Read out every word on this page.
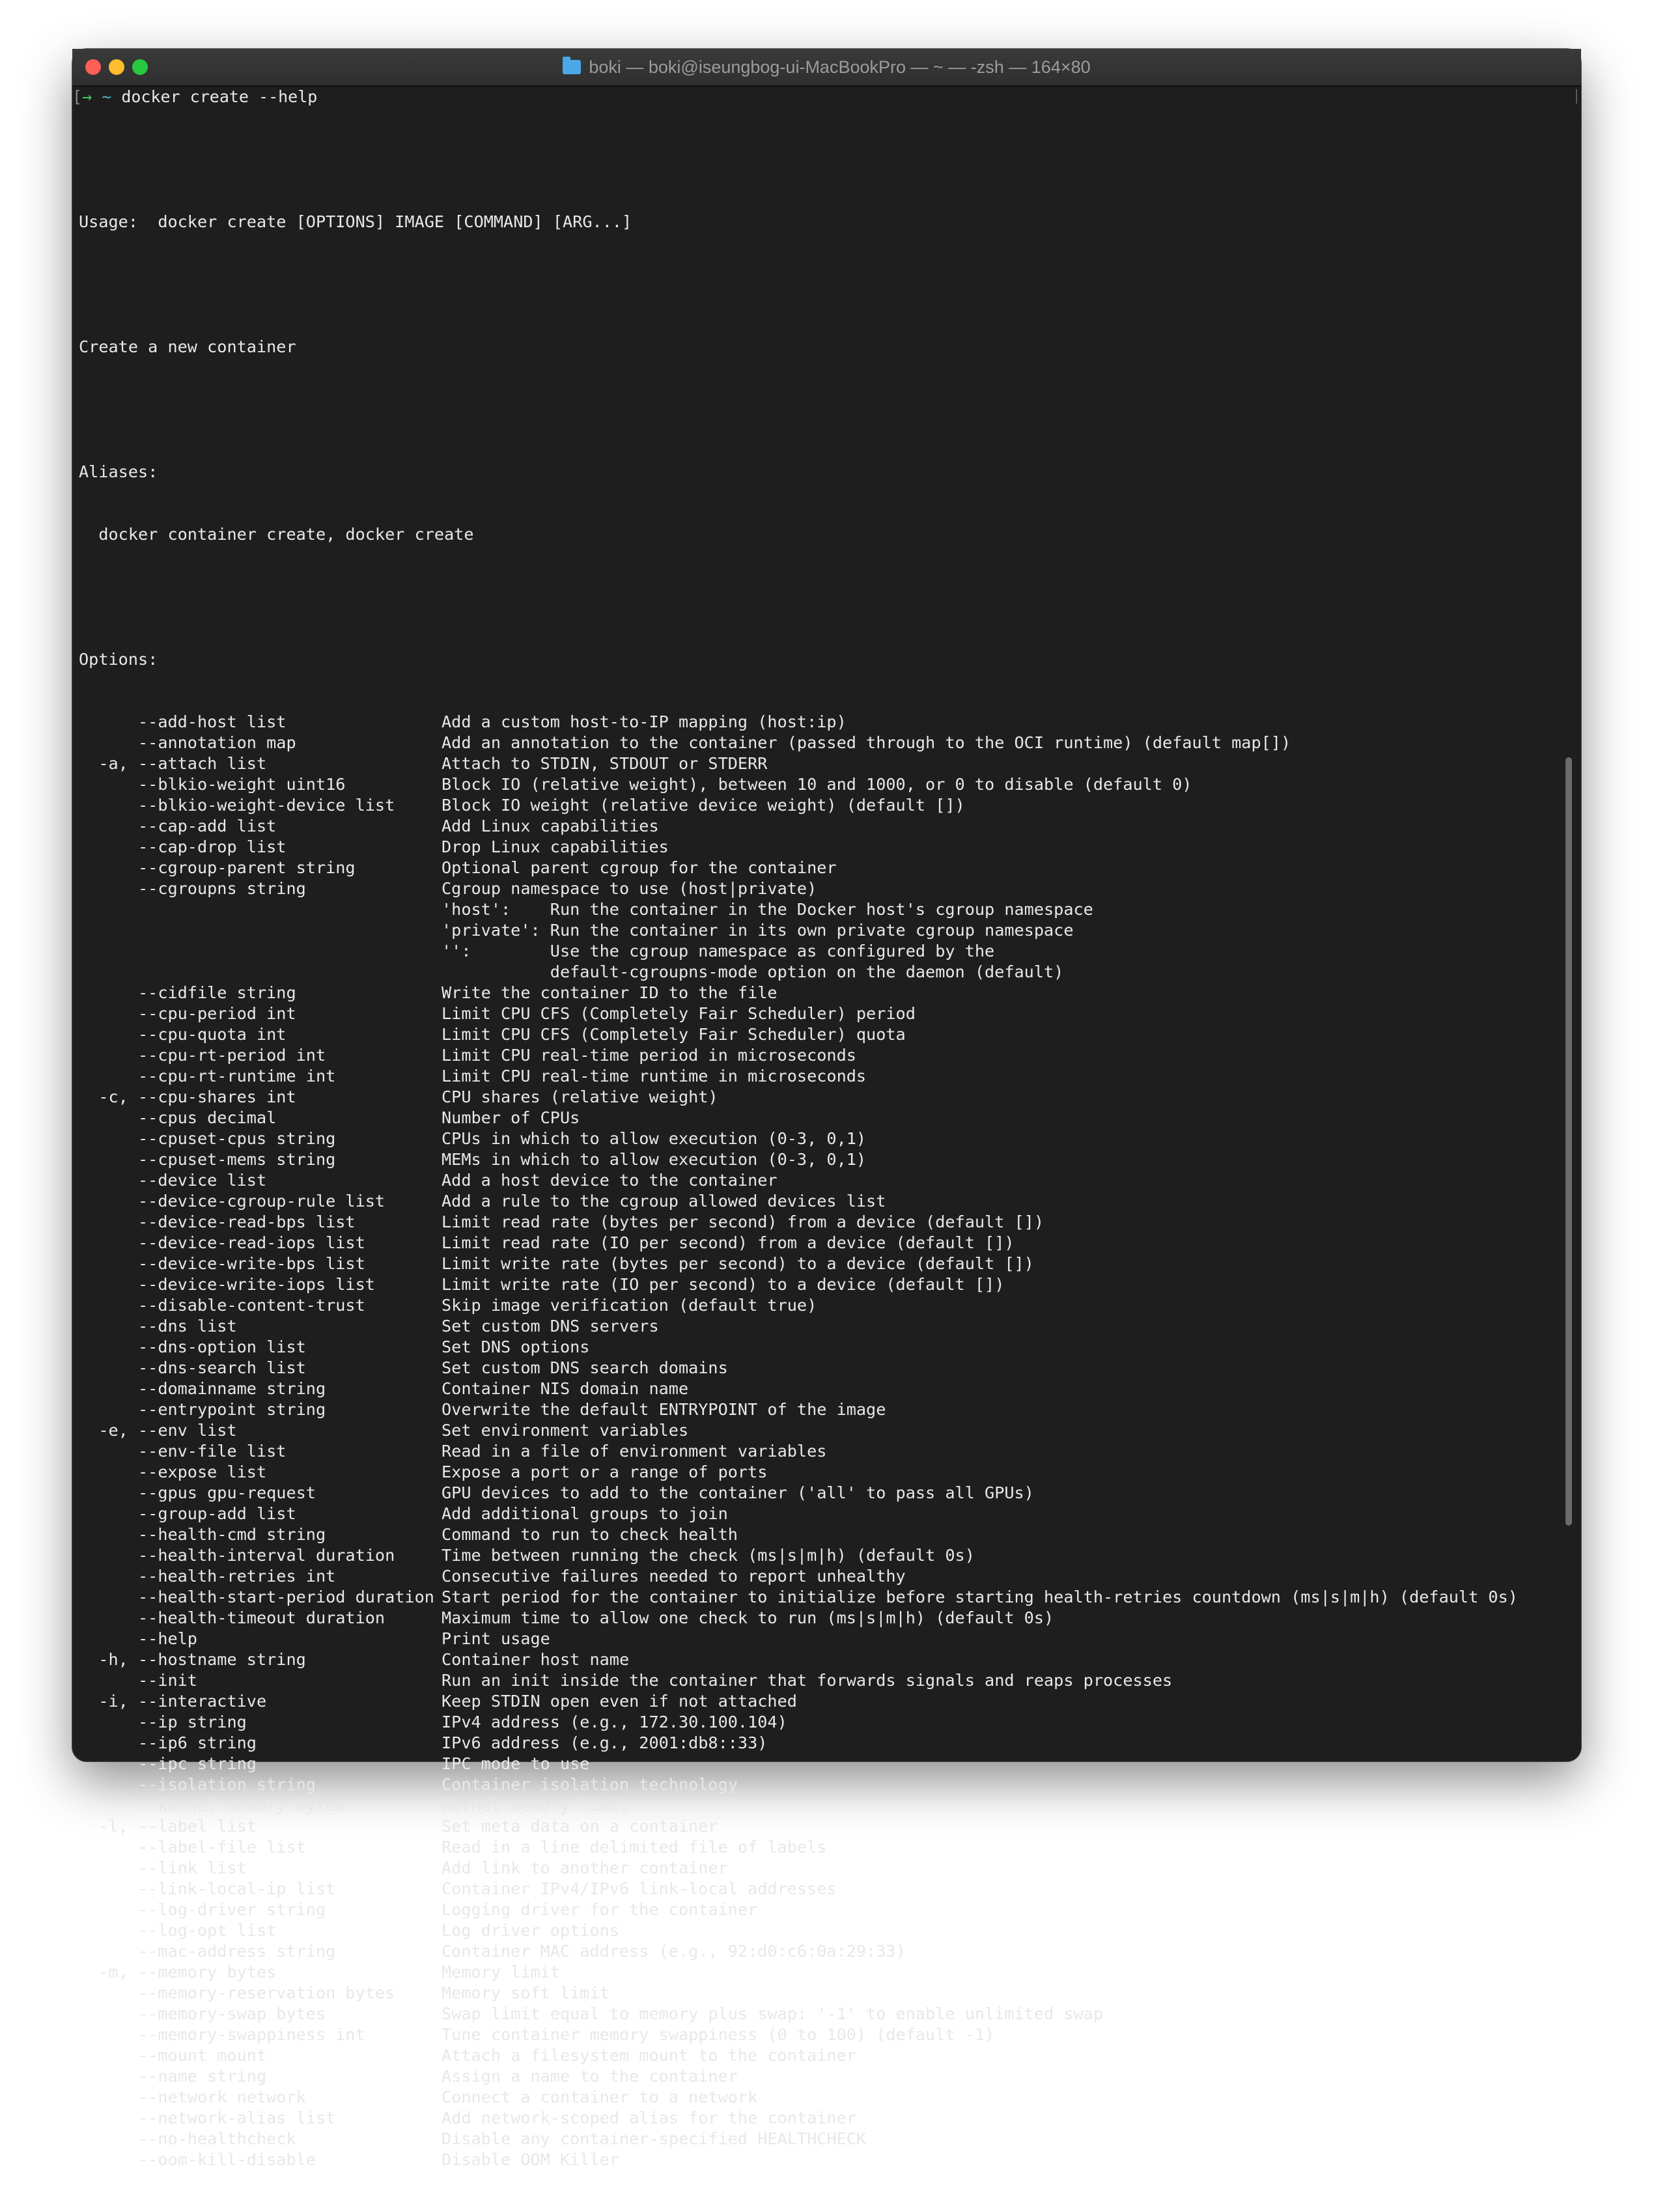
boki — boki@iseungbog-ui-MacBookPro — ~ — -zsh — 164×80
[→ ~ docker create --help

Usage:  docker create [OPTIONS] IMAGE [COMMAND] [ARG...]

Create a new container

Aliases:

docker container create, docker create

Options:

--add-host list	Add a custom host-to-IP mapping (host:ip)
--annotation map	Add an annotation to the container (passed through to the OCI runtime) (default map[])
-a, --attach list	Attach to STDIN, STDOUT or STDERR
--blkio-weight uint16	Block IO (relative weight), between 10 and 1000, or 0 to disable (default 0)
--blkio-weight-device list	Block IO weight (relative device weight) (default [])
--cap-add list	Add Linux capabilities
--cap-drop list	Drop Linux capabilities
--cgroup-parent string	Optional parent cgroup for the container
--cgroupns string	Cgroup namespace to use (host|private)
'host':    Run the container in the Docker host's cgroup namespace
'private': Run the container in its own private cgroup namespace
'':        Use the cgroup namespace as configured by the
default-cgroupns-mode option on the daemon (default)
--cidfile string	Write the container ID to the file
--cpu-period int	Limit CPU CFS (Completely Fair Scheduler) period
--cpu-quota int	Limit CPU CFS (Completely Fair Scheduler) quota
--cpu-rt-period int	Limit CPU real-time period in microseconds
--cpu-rt-runtime int	Limit CPU real-time runtime in microseconds
-c, --cpu-shares int	CPU shares (relative weight)
--cpus decimal	Number of CPUs
--cpuset-cpus string	CPUs in which to allow execution (0-3, 0,1)
--cpuset-mems string	MEMs in which to allow execution (0-3, 0,1)
--device list	Add a host device to the container
--device-cgroup-rule list	Add a rule to the cgroup allowed devices list
--device-read-bps list	Limit read rate (bytes per second) from a device (default [])
--device-read-iops list	Limit read rate (IO per second) from a device (default [])
--device-write-bps list	Limit write rate (bytes per second) to a device (default [])
--device-write-iops list	Limit write rate (IO per second) to a device (default [])
--disable-content-trust	Skip image verification (default true)
--dns list	Set custom DNS servers
--dns-option list	Set DNS options
--dns-search list	Set custom DNS search domains
--domainname string	Container NIS domain name
--entrypoint string	Overwrite the default ENTRYPOINT of the image
-e, --env list	Set environment variables
--env-file list	Read in a file of environment variables
--expose list	Expose a port or a range of ports
--gpus gpu-request	GPU devices to add to the container ('all' to pass all GPUs)
--group-add list	Add additional groups to join
--health-cmd string	Command to run to check health
--health-interval duration	Time between running the check (ms|s|m|h) (default 0s)
--health-retries int	Consecutive failures needed to report unhealthy
--health-start-period duration Start period for the container to initialize before starting health-retries countdown (ms|s|m|h) (default 0s)
--health-timeout duration	Maximum time to allow one check to run (ms|s|m|h) (default 0s)
--help	Print usage
-h, --hostname string	Container host name
--init	Run an init inside the container that forwards signals and reaps processes
-i, --interactive	Keep STDIN open even if not attached
--ip string	IPv4 address (e.g., 172.30.100.104)
--ip6 string	IPv6 address (e.g., 2001:db8::33)
--ipc string	IPC mode to use
--isolation string	Container isolation technology
--kernel-memory bytes	Kernel memory limit
-l, --label list	Set meta data on a container
--label-file list	Read in a line delimited file of labels
--link list	Add link to another container
--link-local-ip list	Container IPv4/IPv6 link-local addresses
--log-driver string	Logging driver for the container
--log-opt list	Log driver options
--mac-address string	Container MAC address (e.g., 92:d0:c6:0a:29:33)
-m, --memory bytes	Memory limit
--memory-reservation bytes	Memory soft limit
--memory-swap bytes	Swap limit equal to memory plus swap: '-1' to enable unlimited swap
--memory-swappiness int	Tune container memory swappiness (0 to 100) (default -1)
--mount mount	Attach a filesystem mount to the container
--name string	Assign a name to the container
--network network	Connect a container to a network
--network-alias list	Add network-scoped alias for the container
--no-healthcheck	Disable any container-specified HEALTHCHECK
--oom-kill-disable	Disable OOM Killer
